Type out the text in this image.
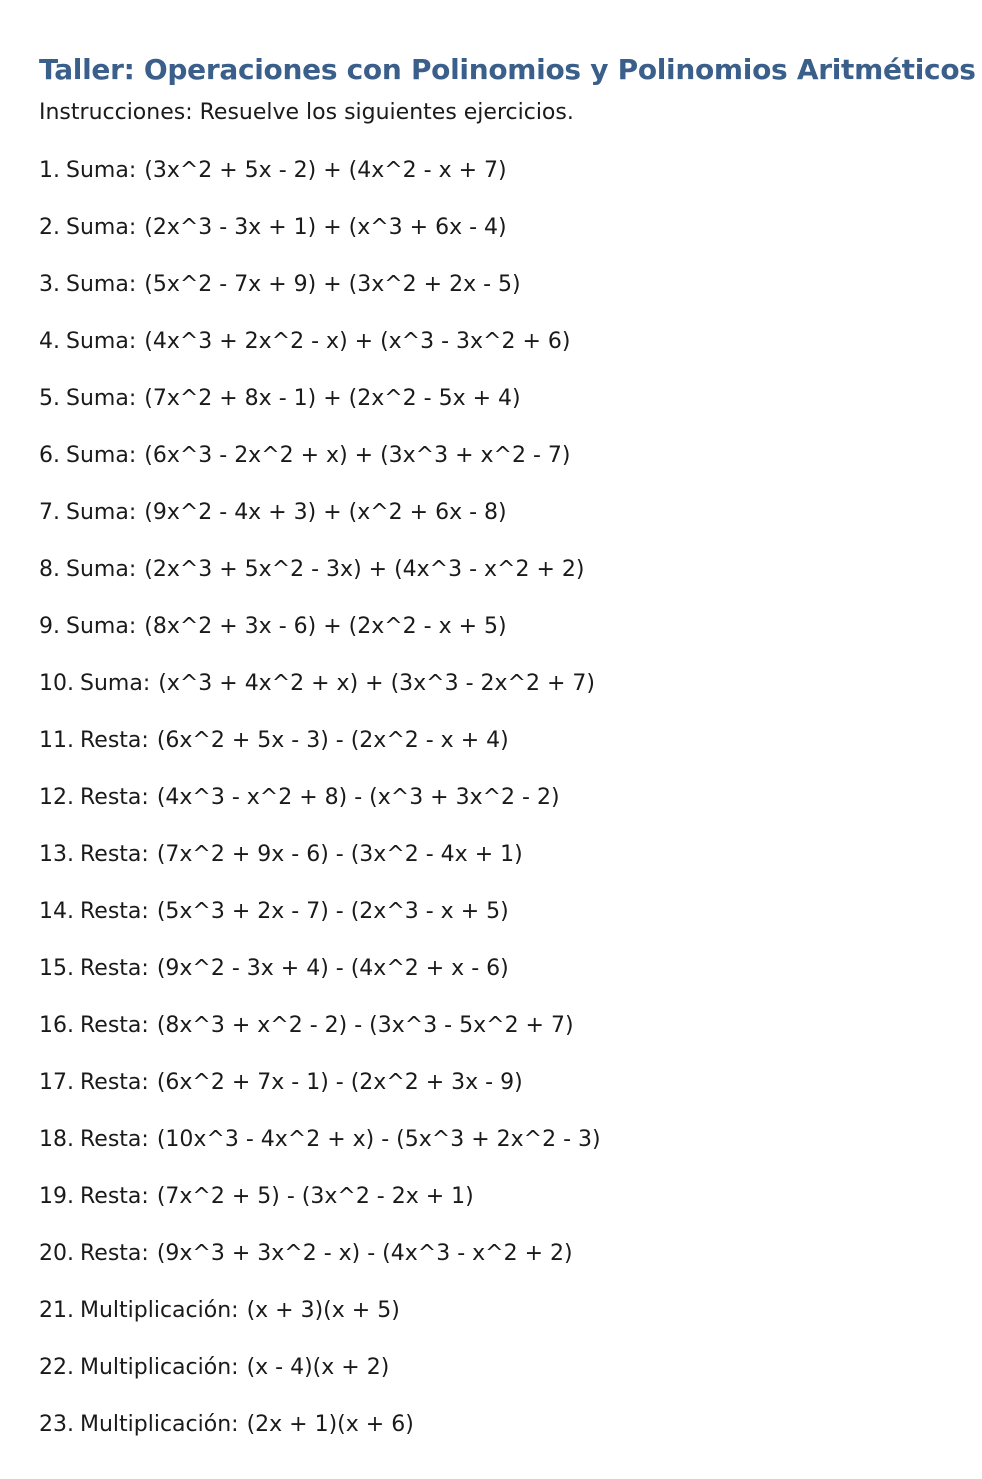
Taller: Operaciones con Polinomios y Polinomios Aritméticos
Instrucciones: Resuelve los siguientes ejercicios.
1. Suma: (3x^2 + 5x - 2) + (4x^2 - x + 7)
2. Suma: (2x^3 - 3x + 1) + (x^3 + 6x - 4)
3. Suma: (5x^2 - 7x + 9) + (3x^2 + 2x - 5)
4. Suma: (4x^3 + 2x^2 - x) + (x^3 - 3x^2 + 6)
5. Suma: (7x^2 + 8x - 1) + (2x^2 - 5x + 4)
6. Suma: (6x^3 - 2x^2 + x) + (3x^3 + x^2 - 7)
7. Suma: (9x^2 - 4x + 3) + (x^2 + 6x - 8)
8. Suma: (2x^3 + 5x^2 - 3x) + (4x^3 - x^2 + 2)
9. Suma: (8x^2 + 3x - 6) + (2x^2 - x + 5)
10. Suma: (x^3 + 4x^2 + x) + (3x^3 - 2x^2 + 7)
11. Resta: (6x^2 + 5x - 3) - (2x^2 - x + 4)
12. Resta: (4x^3 - x^2 + 8) - (x^3 + 3x^2 - 2)
13. Resta: (7x^2 + 9x - 6) - (3x^2 - 4x + 1)
14. Resta: (5x^3 + 2x - 7) - (2x^3 - x + 5)
15. Resta: (9x^2 - 3x + 4) - (4x^2 + x - 6)
16. Resta: (8x^3 + x^2 - 2) - (3x^3 - 5x^2 + 7)
17. Resta: (6x^2 + 7x - 1) - (2x^2 + 3x - 9)
18. Resta: (10x^3 - 4x^2 + x) - (5x^3 + 2x^2 - 3)
19. Resta: (7x^2 + 5) - (3x^2 - 2x + 1)
20. Resta: (9x^3 + 3x^2 - x) - (4x^3 - x^2 + 2)
21. Multiplicación: (x + 3)(x + 5)
22. Multiplicación: (x - 4)(x + 2)
23. Multiplicación: (2x + 1)(x + 6)
